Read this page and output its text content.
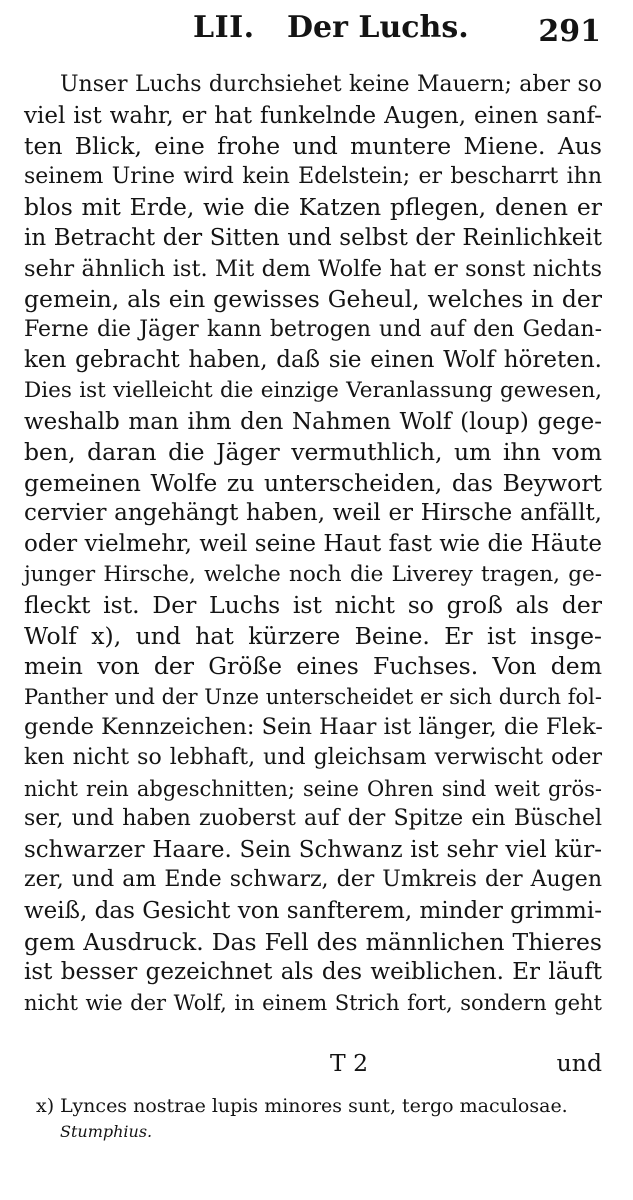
LII. Der Luchs. 291
Unser Luchs durchsiehet keine Mauern; aber so
viel ist wahr, er hat funkelnde Augen, einen sanf-
ten Blick, eine frohe und muntere Miene. Aus
seinem Urine wird kein Edelstein; er bescharrt ihn
blos mit Erde, wie die Katzen pflegen, denen er
in Betracht der Sitten und selbst der Reinlichkeit
sehr ähnlich ist. Mit dem Wolfe hat er sonst nichts
gemein, als ein gewisses Geheul, welches in der
Ferne die Jäger kann betrogen und auf den Gedan-
ken gebracht haben, daß sie einen Wolf höreten.
Dies ist vielleicht die einzige Veranlassung gewesen,
weshalb man ihm den Nahmen Wolf (loup) gege-
ben, daran die Jäger vermuthlich, um ihn vom
gemeinen Wolfe zu unterscheiden, das Beywort
cervier angehängt haben, weil er Hirsche anfällt,
oder vielmehr, weil seine Haut fast wie die Häute
junger Hirsche, welche noch die Liverey tragen, ge-
fleckt ist. Der Luchs ist nicht so groß als der
Wolf x), und hat kürzere Beine. Er ist insge-
mein von der Größe eines Fuchses. Von dem
Panther und der Unze unterscheidet er sich durch fol-
gende Kennzeichen: Sein Haar ist länger, die Flek-
ken nicht so lebhaft, und gleichsam verwischt oder
nicht rein abgeschnitten; seine Ohren sind weit grös-
ser, und haben zuoberst auf der Spitze ein Büschel
schwarzer Haare. Sein Schwanz ist sehr viel kür-
zer, und am Ende schwarz, der Umkreis der Augen
weiß, das Gesicht von sanfterem, minder grimmi-
gem Ausdruck. Das Fell des männlichen Thieres
ist besser gezeichnet als des weiblichen. Er läuft
nicht wie der Wolf, in einem Strich fort, sondern geht
T 2	und
x) Lynces nostrae lupis minores sunt, tergo maculosae.
Stumphius.
